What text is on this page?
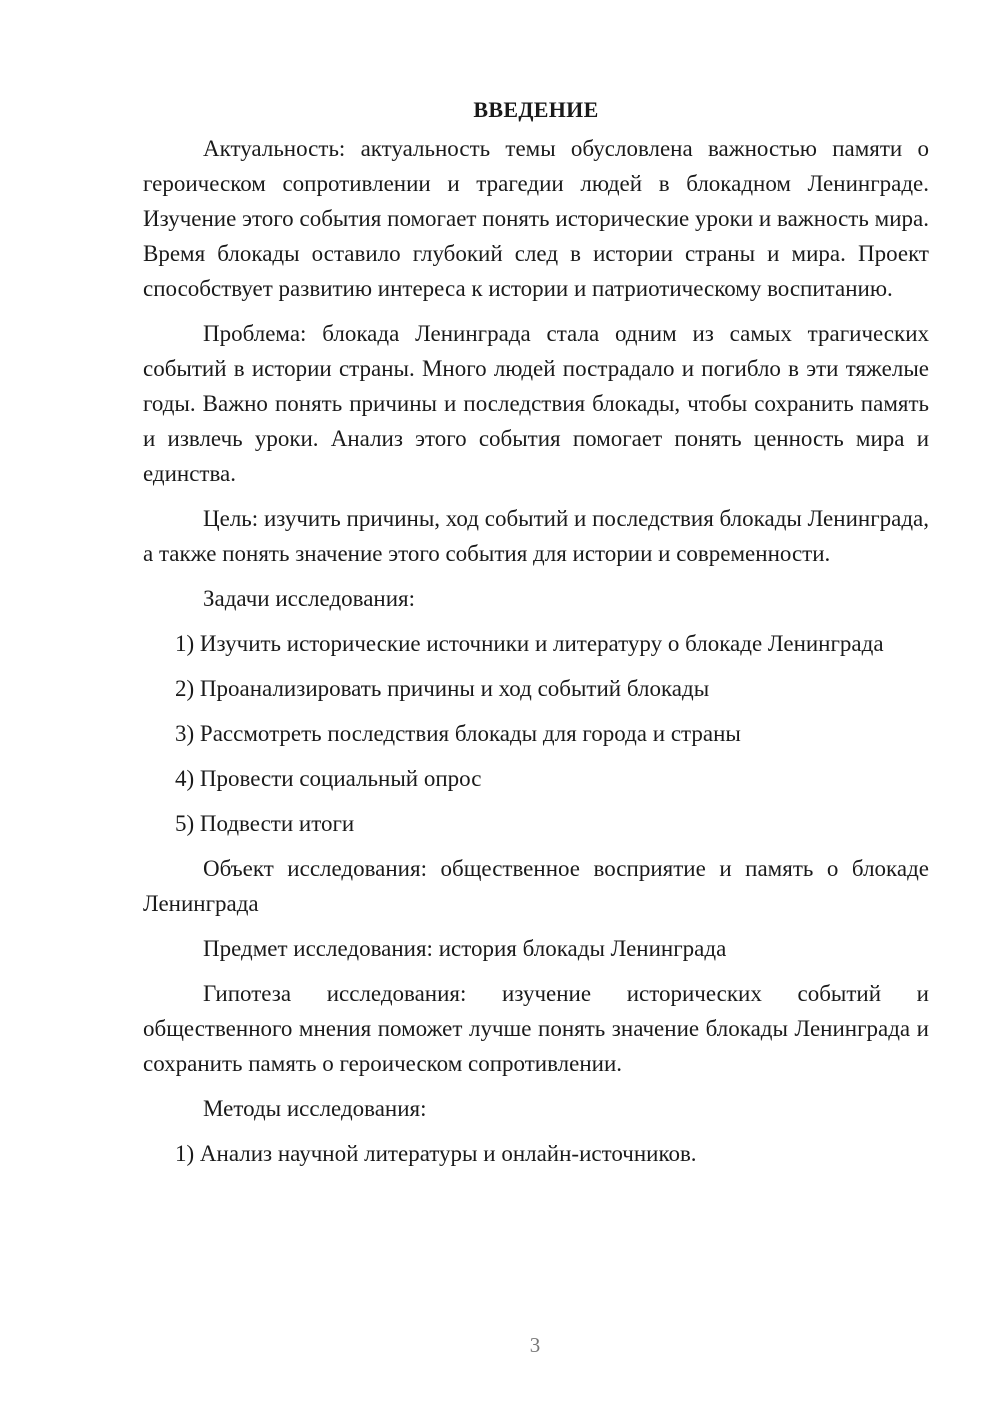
ВВЕДЕНИЕ

Актуальность: актуальность темы обусловлена важностью памяти о героическом сопротивлении и трагедии людей в блокадном Ленинграде. Изучение этого события помогает понять исторические уроки и важность мира. Время блокады оставило глубокий след в истории страны и мира. Проект способствует развитию интереса к истории и патриотическому воспитанию.

Проблема: блокада Ленинграда стала одним из самых трагических событий в истории страны. Много людей пострадало и погибло в эти тяжелые годы. Важно понять причины и последствия блокады, чтобы сохранить память и извлечь уроки. Анализ этого события помогает понять ценность мира и единства.

Цель: изучить причины, ход событий и последствия блокады Ленинграда, а также понять значение этого события для истории и современности.

Задачи исследования:

1) Изучить исторические источники и литературу о блокаде Ленинграда

2) Проанализировать причины и ход событий блокады

3) Рассмотреть последствия блокады для города и страны

4) Провести социальный опрос

5) Подвести итоги

Объект исследования: общественное восприятие и память о блокаде Ленинграда

Предмет исследования: история блокады Ленинграда

Гипотеза исследования: изучение исторических событий и общественного мнения поможет лучше понять значение блокады Ленинграда и сохранить память о героическом сопротивлении.

Методы исследования:

1) Анализ научной литературы и онлайн-источников.

3
